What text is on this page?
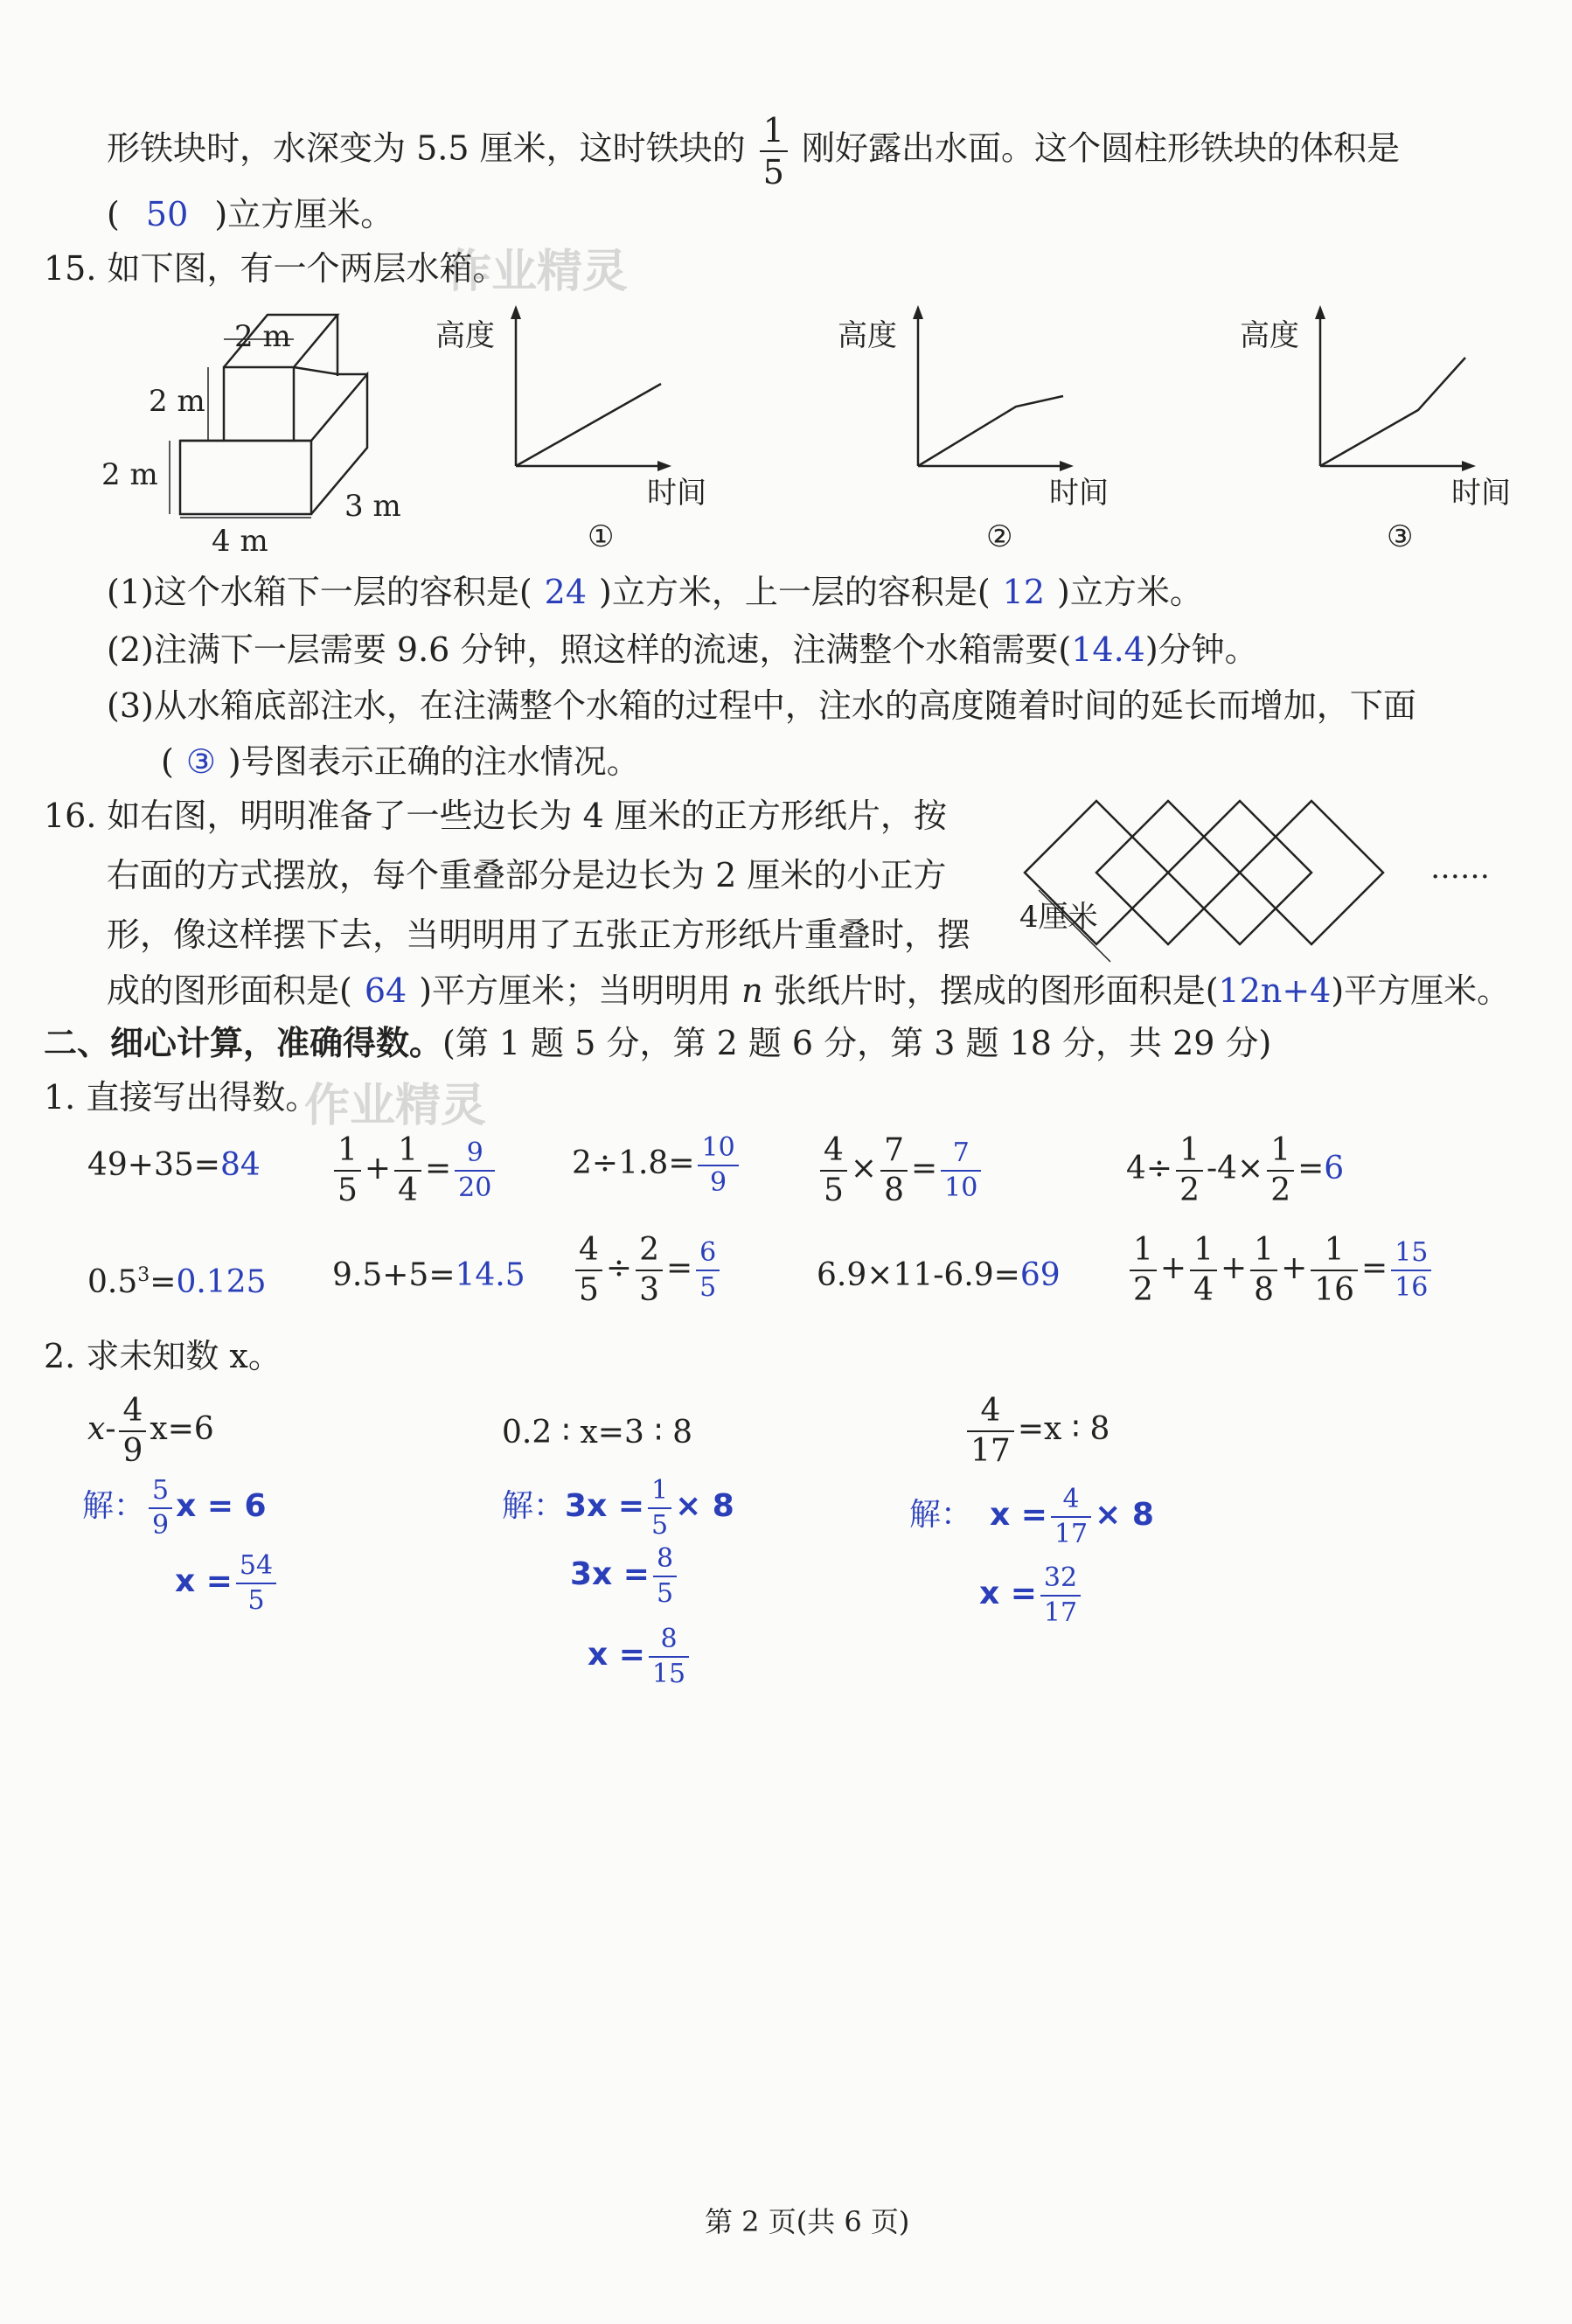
形铁块时，水深变为 5.5 厘米，这时铁块的 $\frac{1}{5}$ 刚好露出水面。这个圆柱形铁块的体积是
( 50 )立方厘米。
作业精灵
15. 如下图，有一个两层水箱。
2 m
2 m
2 m
3 m
4 m
高度
时间
①
高度
时间
②
高度
时间
③
(1)这个水箱下一层的容积是( 24 )立方米，上一层的容积是( 12 )立方米。
(2)注满下一层需要 9.6 分钟，照这样的流速，注满整个水箱需要(14.4)分钟。
(3)从水箱底部注水，在注满整个水箱的过程中，注水的高度随着时间的延长而增加，下面
( ③ )号图表示正确的注水情况。
16. 如右图，明明准备了一些边长为 4 厘米的正方形纸片，按
右面的方式摆放，每个重叠部分是边长为 2 厘米的小正方
形，像这样摆下去，当明明用了五张正方形纸片重叠时，摆
成的图形面积是( 64 )平方厘米；当明明用 n 张纸片时，摆成的图形面积是(12n+4)平方厘米。
4厘米
……
二、细心计算，准确得数。(第 1 题 5 分，第 2 题 6 分，第 3 题 18 分，共 29 分)
1. 直接写出得数。
作业精灵
$49+35=84 \frac{1}{5} + \frac{1}{4} = \frac{9}{20} 2\div 1.8= \frac{10}{9}$	$\frac{4}{5} \times \frac{7}{8} = \frac{7}{10}$	$4\div \frac{1}{2} -4\times \frac{1}{2} =6$
$0.5^3=0.125$ $9.5+5=14.5 \frac{4}{5} \div \frac{2}{3} = \frac{6}{5}$	$6.9\times 11-6.9=69 \frac{1}{2} + \frac{1}{4} + \frac{1}{8} + \frac{1}{16} = \frac{15}{16}$
2. 求未知数 x。
$x- \frac{4}{9} x=6$
解： $\frac{5}{9}$ x = 6
$x = \frac{54}{5}$
0.2 ∶ x=3 ∶ 8
解：$3x = \frac{1}{5} \times 8$
$3x = \frac{8}{5}$
$x = \frac{8}{15}$
$\frac{4}{17} =x$ ∶ 8
解： $x = \frac{4}{17} \times 8$
$x = \frac{32}{17}$
第 2 页(共 6 页)
